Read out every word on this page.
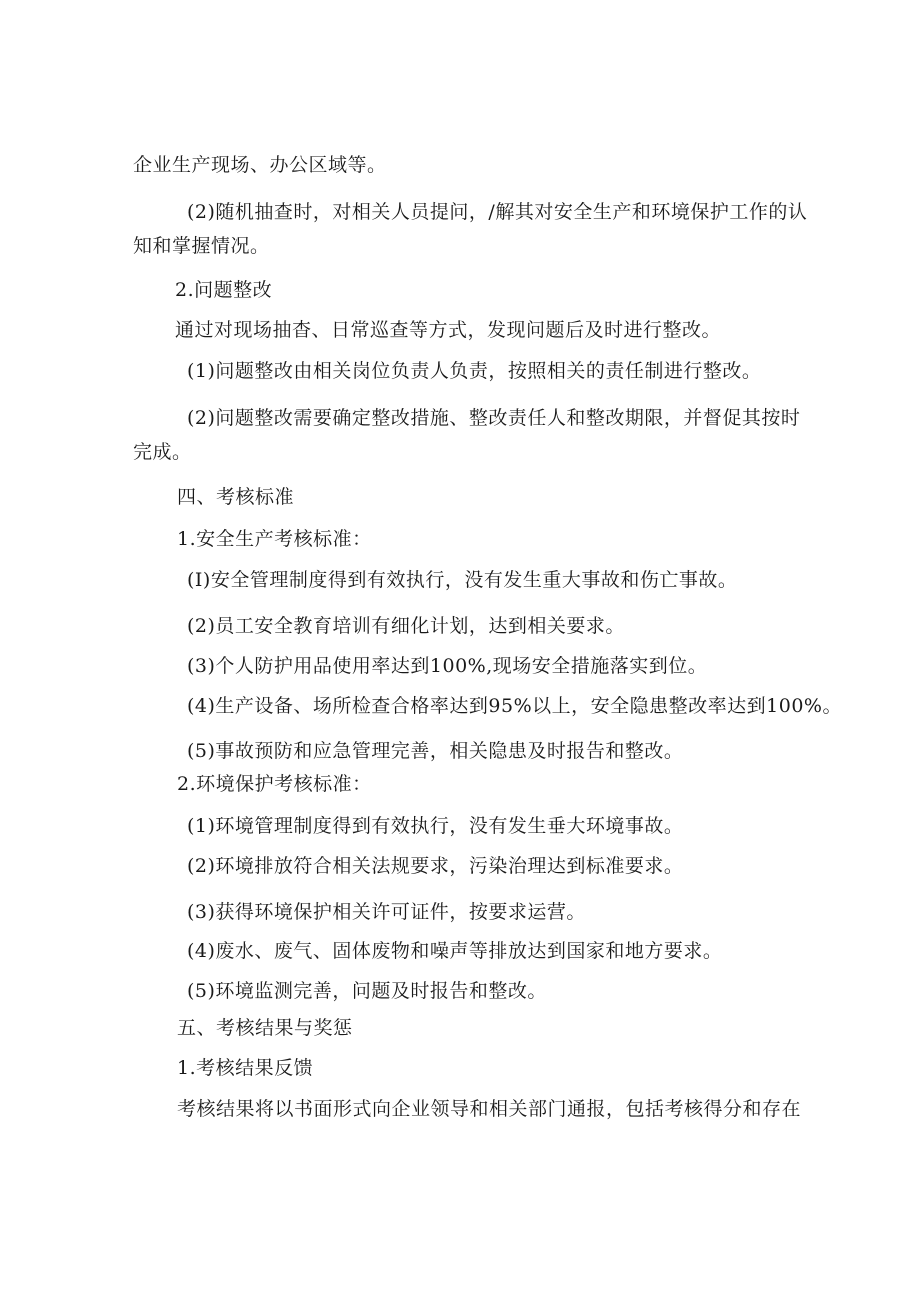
企业生产现场、办公区域等。
(2)随机抽查时，对相关人员提问，/解其对安全生产和环境保护工作的认
知和掌握情况。
2.问题整改
通过对现场抽杳、日常巡查等方式，发现问题后及时进行整改。
(1)问题整改由相关岗位负责人负责，按照相关的责任制进行整改。
(2)问题整改需要确定整改措施、整改责任人和整改期限，并督促其按时
完成。
四、考核标准
1.安全生产考核标准：
(I)安全管理制度得到有效执行，没有发生重大事故和伤亡事故。
(2)员工安全教育培训有细化计划，达到相关要求。
(3)个人防护用品使用率达到100%,现场安全措施落实到位。
(4)生产设备、场所检查合格率达到95%以上，安全隐患整改率达到100%。
(5)事故预防和应急管理完善，相关隐患及时报告和整改。
2.环境保护考核标准：
(1)环境管理制度得到有效执行，没有发生垂大环境事故。
(2)环境排放符合相关法规要求，污染治理达到标准要求。
(3)获得环境保护相关许可证件，按要求运营。
(4)废水、废气、固体废物和噪声等排放达到国家和地方要求。
(5)环境监测完善，问题及时报告和整改。
五、考核结果与奖惩
1.考核结果反馈
考核结果将以书面形式向企业领导和相关部门通报，包括考核得分和存在
